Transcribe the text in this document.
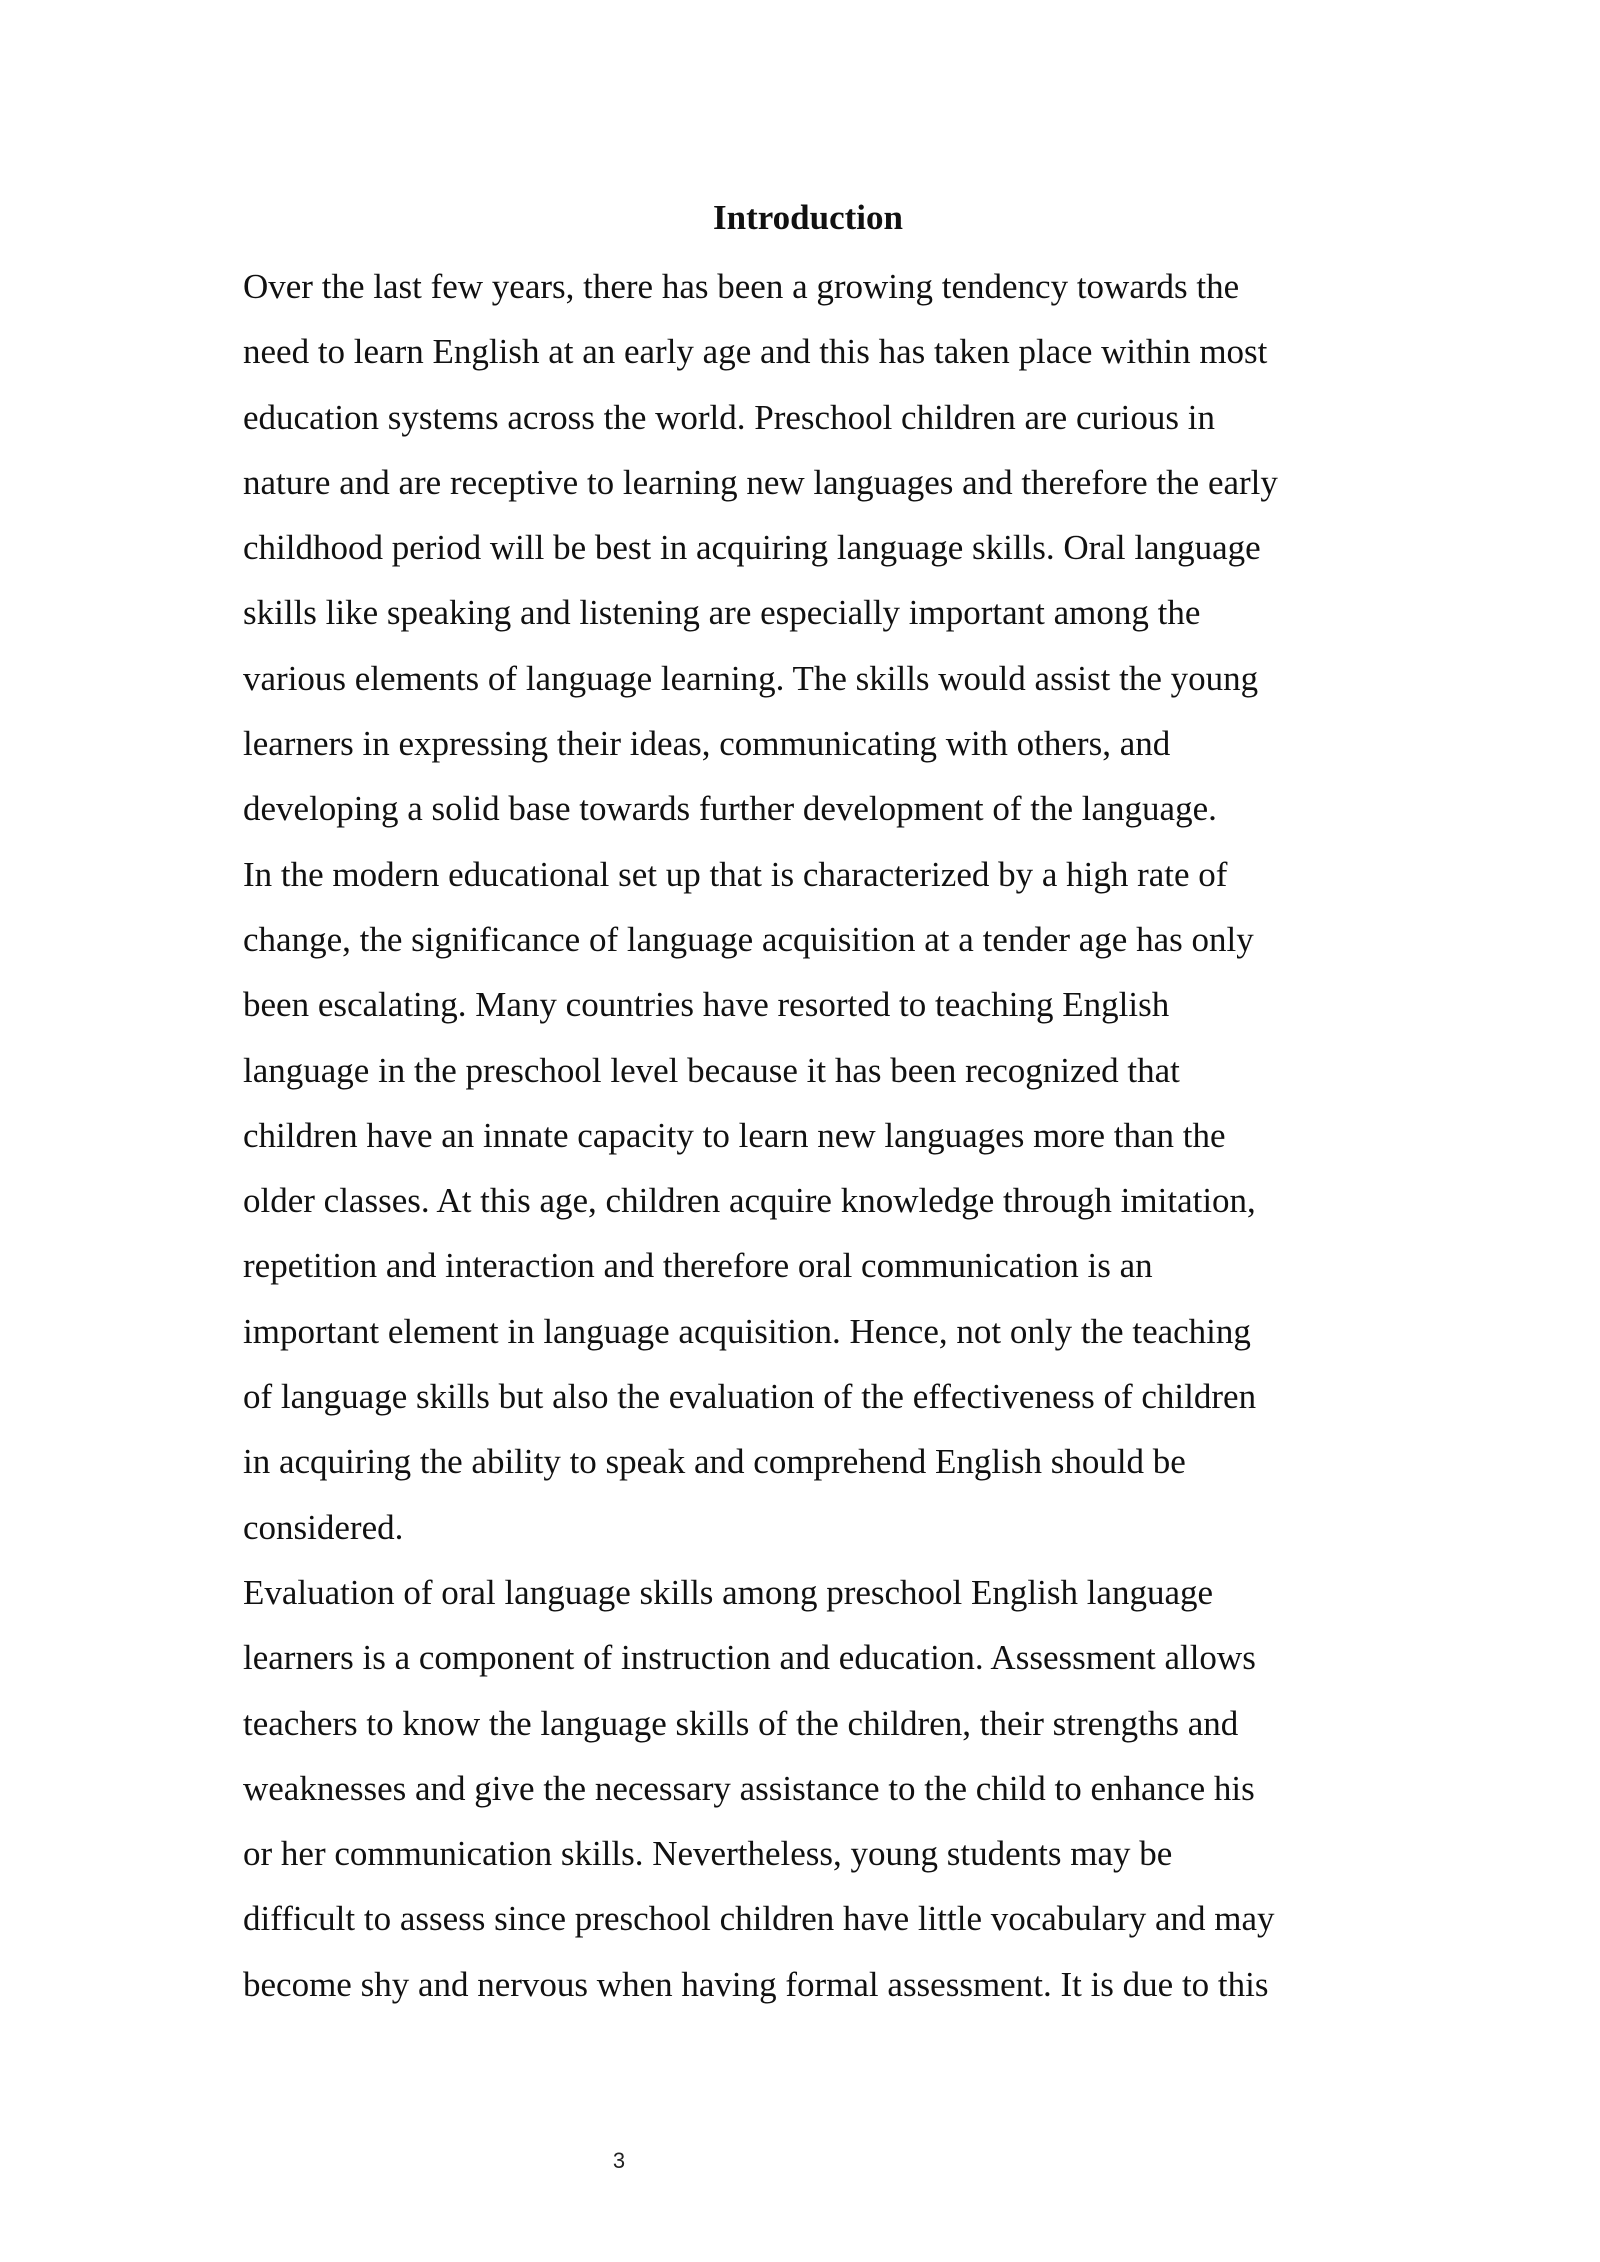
Introduction

Over the last few years, there has been a growing tendency towards the
need to learn English at an early age and this has taken place within most
education systems across the world. Preschool children are curious in
nature and are receptive to learning new languages and therefore the early
childhood period will be best in acquiring language skills. Oral language
skills like speaking and listening are especially important among the
various elements of language learning. The skills would assist the young
learners in expressing their ideas, communicating with others, and
developing a solid base towards further development of the language.

In the modern educational set up that is characterized by a high rate of
change, the significance of language acquisition at a tender age has only
been escalating. Many countries have resorted to teaching English
language in the preschool level because it has been recognized that
children have an innate capacity to learn new languages more than the
older classes. At this age, children acquire knowledge through imitation,
repetition and interaction and therefore oral communication is an
important element in language acquisition. Hence, not only the teaching
of language skills but also the evaluation of the effectiveness of children
in acquiring the ability to speak and comprehend English should be
considered.

Evaluation of oral language skills among preschool English language
learners is a component of instruction and education. Assessment allows
teachers to know the language skills of the children, their strengths and
weaknesses and give the necessary assistance to the child to enhance his
or her communication skills. Nevertheless, young students may be
difficult to assess since preschool children have little vocabulary and may
become shy and nervous when having formal assessment. It is due to this

3
